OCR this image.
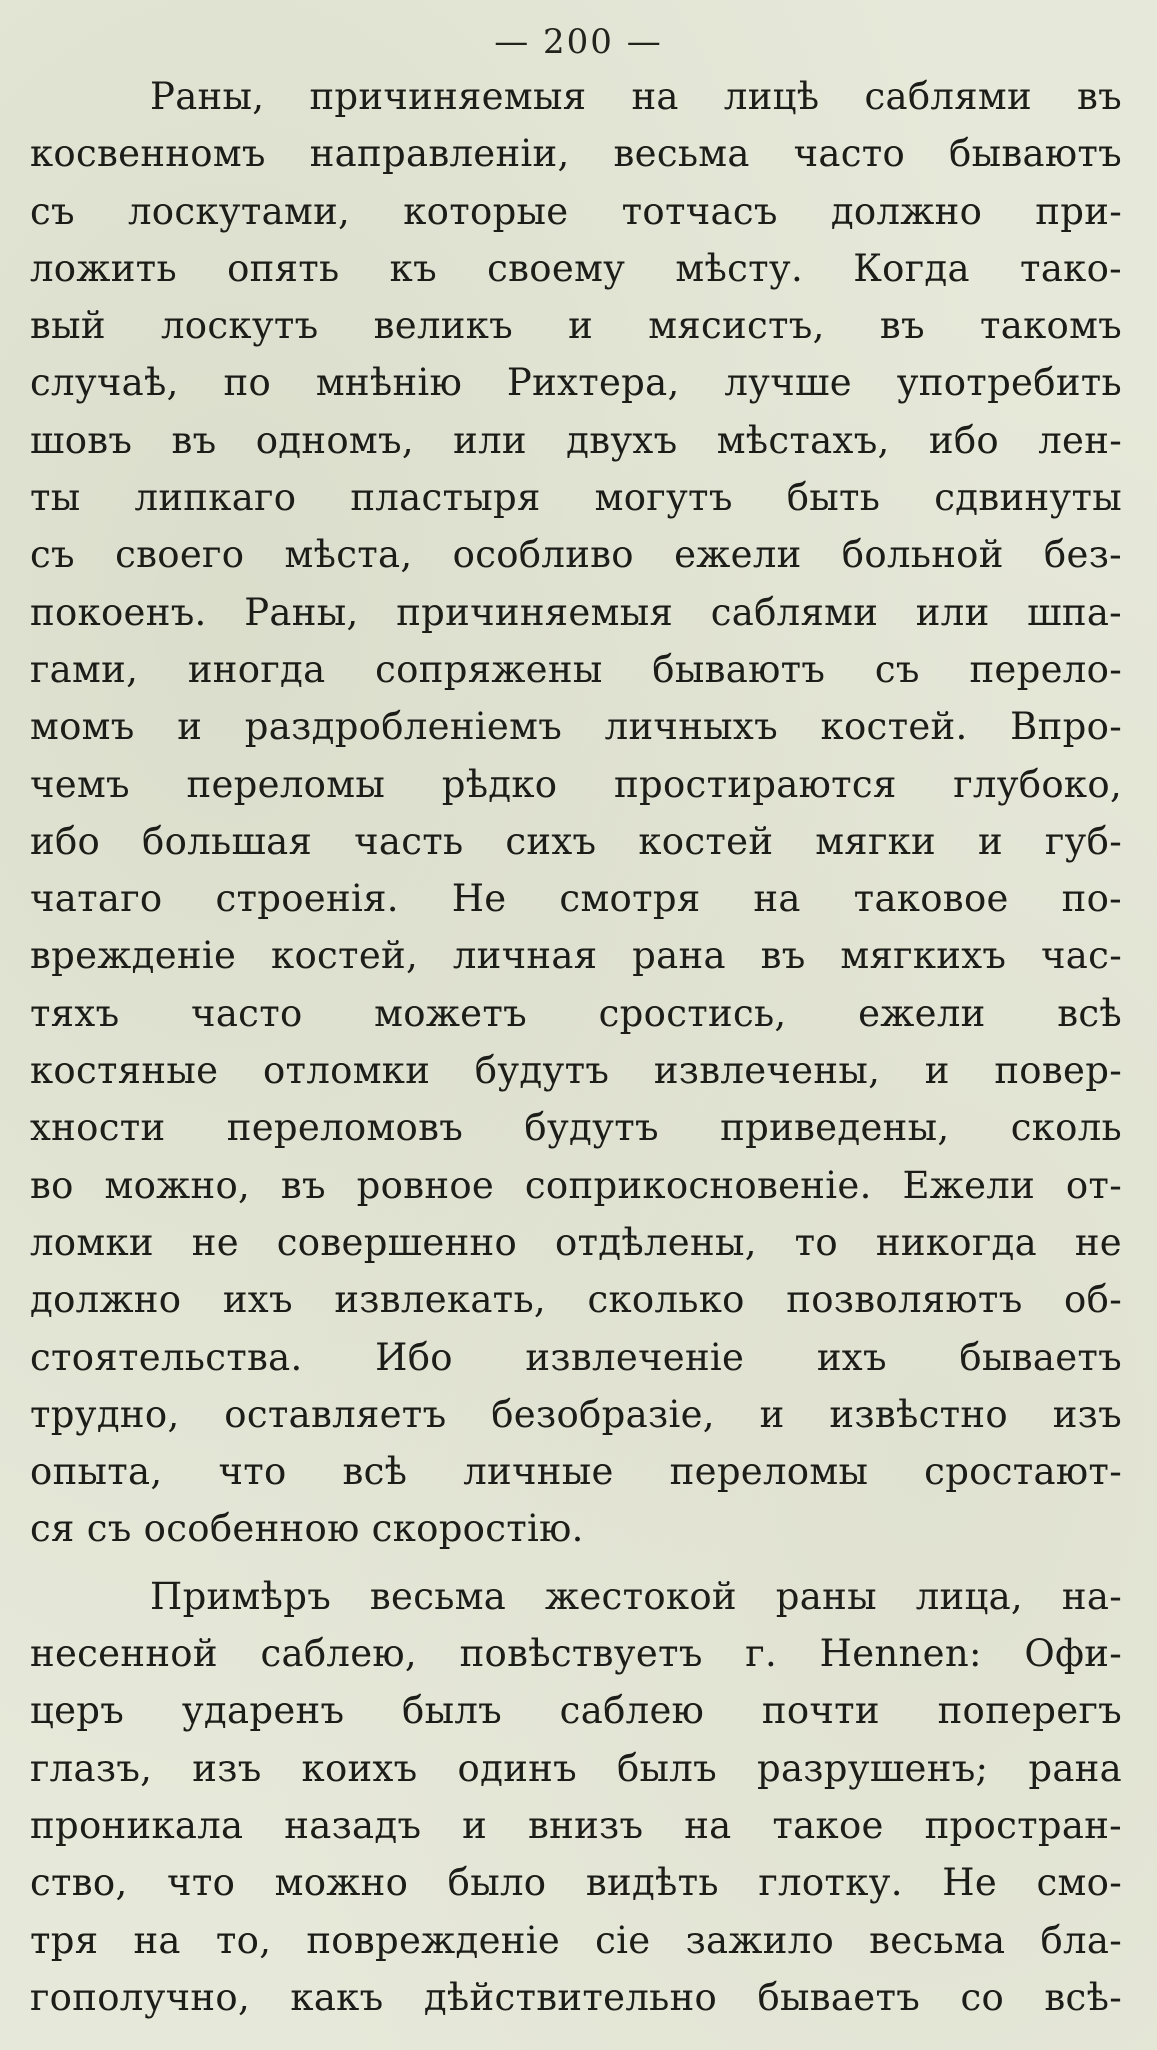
— 200 —
Раны, причиняемыя на лицѣ саблями въ
косвенномъ направленіи, весьма часто бываютъ
съ лоскутами, которые тотчасъ должно при-
ложить опять къ своему мѣсту. Когда тако-
вый лоскутъ великъ и мясистъ, въ такомъ
случаѣ, по мнѣнію Рихтера, лучше употребить
шовъ въ одномъ, или двухъ мѣстахъ, ибо лен-
ты липкаго пластыря могутъ быть сдвинуты
съ своего мѣста, особливо ежели больной без-
покоенъ. Раны, причиняемыя саблями или шпа-
гами, иногда сопряжены бываютъ съ перело-
момъ и раздробленіемъ личныхъ костей. Впро-
чемъ переломы рѣдко простираются глубоко,
ибо большая часть сихъ костей мягки и губ-
чатаго строенія. Не смотря на таковое по-
врежденіе костей, личная рана въ мягкихъ час-
тяхъ часто можетъ сростись, ежели всѣ
костяные отломки будутъ извлечены, и повер-
хности переломовъ будутъ приведены, сколь
во можно, въ ровное соприкосновеніе. Ежели от-
ломки не совершенно отдѣлены, то никогда не
должно ихъ извлекать, сколько позволяютъ об-
стоятельства. Ибо извлеченіе ихъ бываетъ
трудно, оставляетъ безобразіе, и извѣстно изъ
опыта, что всѣ личные переломы сростают-
ся съ особенною скоростію.
Примѣръ весьма жестокой раны лица, на-
несенной саблею, повѣствуетъ г. Hennen: Офи-
церъ ударенъ былъ саблею почти поперегъ
глазъ, изъ коихъ одинъ былъ разрушенъ; рана
проникала назадъ и внизъ на такое простран-
ство, что можно было видѣть глотку. Не смо-
тря на то, поврежденіе сіе зажило весьма бла-
гополучно, какъ дѣйствительно бываетъ со всѣ-
